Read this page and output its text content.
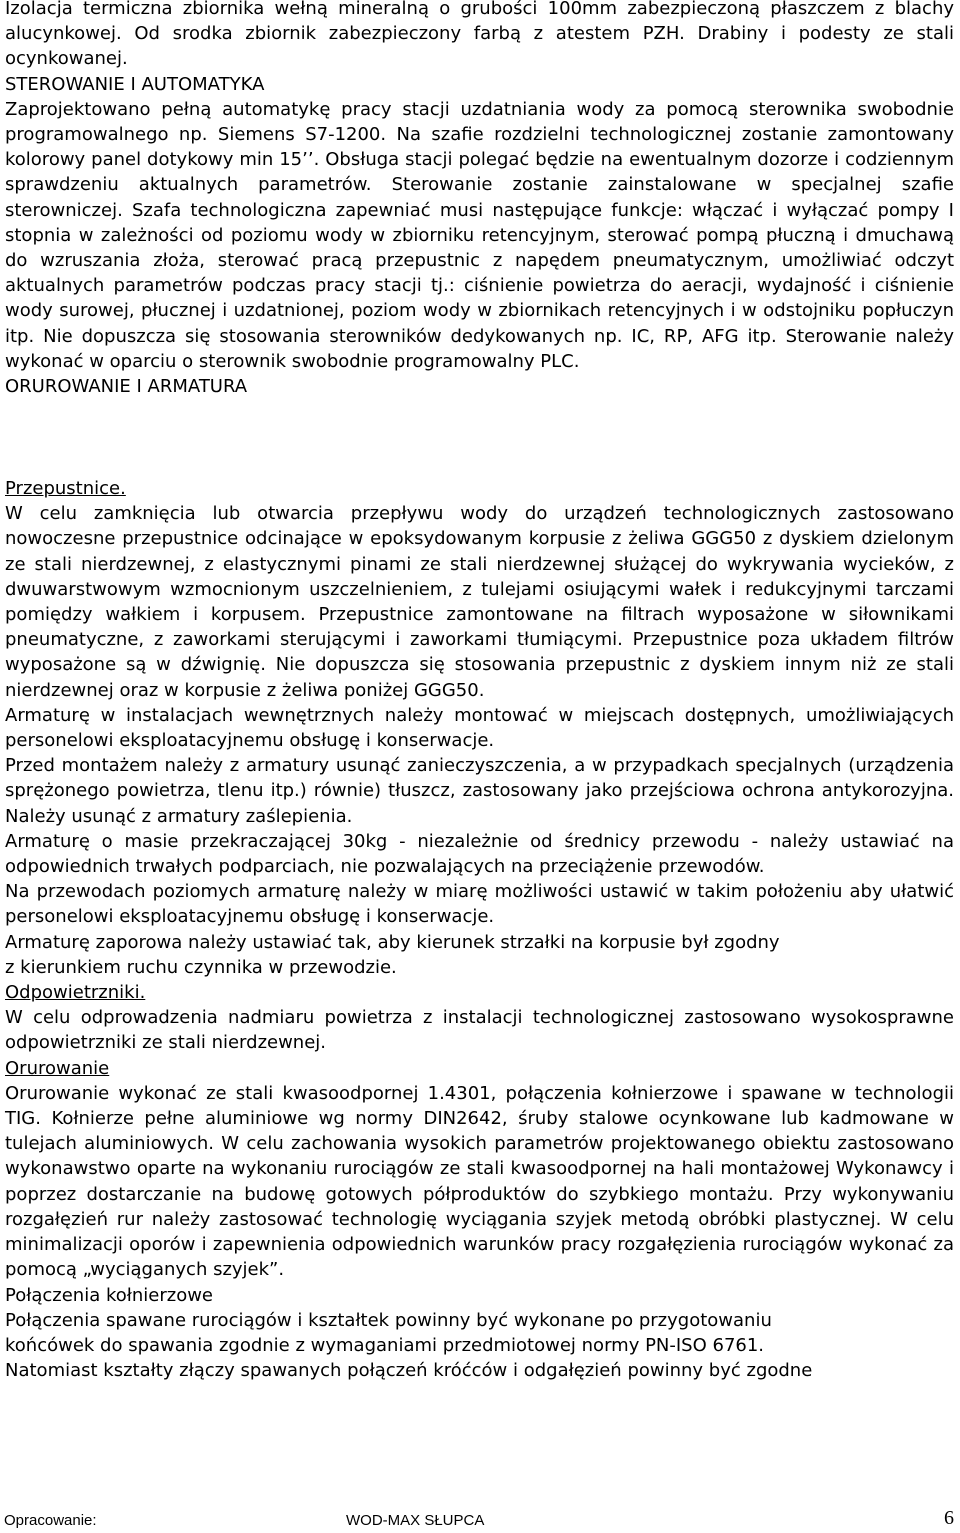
Izolacja termiczna zbiornika wełną mineralną o grubości 100mm zabezpieczoną płaszczem z blachy alucynkowej. Od srodka zbiornik zabezpieczony farbą z atestem PZH. Drabiny i podesty ze stali ocynkowanej.

STEROWANIE I AUTOMATYKA

Zaprojektowano pełną automatykę pracy stacji uzdatniania wody za pomocą sterownika swobodnie programowalnego np. Siemens S7-1200. Na szafie rozdzielni technologicznej zostanie zamontowany kolorowy panel dotykowy min 15’’. Obsługa stacji polegać będzie na ewentualnym dozorze i codziennym sprawdzeniu aktualnych parametrów. Sterowanie zostanie zainstalowane w specjalnej szafie sterowniczej. Szafa technologiczna zapewniać musi następujące funkcje: włączać i wyłączać pompy I stopnia w zależności od poziomu wody w zbiorniku retencyjnym, sterować pompą płuczną i dmuchawą do wzruszania złoża, sterować pracą przepustnic z napędem pneumatycznym, umożliwiać odczyt aktualnych parametrów podczas pracy stacji tj.: ciśnienie powietrza do aeracji, wydajność i ciśnienie wody surowej, płucznej i uzdatnionej, poziom wody w zbiornikach retencyjnych i w odstojniku popłuczyn itp. Nie dopuszcza się stosowania sterowników dedykowanych np. IC, RP, AFG itp. Sterowanie należy wykonać w oparciu o sterownik swobodnie programowalny PLC.

ORUROWANIE I ARMATURA

Przepustnice.

W celu zamknięcia lub otwarcia przepływu wody do urządzeń technologicznych zastosowano nowoczesne przepustnice odcinające w epoksydowanym korpusie z żeliwa GGG50 z dyskiem dzielonym ze stali nierdzewnej, z elastycznymi pinami ze stali nierdzewnej służącej do wykrywania wycieków, z dwuwarstwowym wzmocnionym uszczelnieniem, z tulejami osiującymi wałek i redukcyjnymi tarczami pomiędzy wałkiem i korpusem. Przepustnice zamontowane na filtrach wyposażone w siłownikami pneumatyczne, z zaworkami sterującymi i zaworkami tłumiącymi. Przepustnice poza układem filtrów wyposażone są w dźwignię. Nie dopuszcza się stosowania przepustnic z dyskiem innym niż ze stali nierdzewnej oraz w korpusie z żeliwa poniżej GGG50.

Armaturę w instalacjach wewnętrznych należy montować w miejscach dostępnych, umożliwiających personelowi eksploatacyjnemu obsługę i konserwacje.

Przed montażem należy z armatury usunąć zanieczyszczenia, a w przypadkach specjalnych (urządzenia sprężonego powietrza, tlenu itp.) równie) tłuszcz, zastosowany jako przejściowa ochrona antykorozyjna. Należy usunąć z armatury zaślepienia.

Armaturę o masie przekraczającej 30kg - niezależnie od średnicy przewodu - należy ustawiać na odpowiednich trwałych podparciach, nie pozwalających na przeciążenie przewodów.

Na przewodach poziomych armaturę należy w miarę możliwości ustawić w takim położeniu aby ułatwić personelowi eksploatacyjnemu obsługę i konserwacje.

Armaturę zaporowa należy ustawiać tak, aby kierunek strzałki na korpusie był zgodny

z kierunkiem ruchu czynnika w przewodzie.

Odpowietrzniki.

W celu odprowadzenia nadmiaru powietrza z instalacji technologicznej zastosowano wysokosprawne odpowietrzniki ze stali nierdzewnej.

Orurowanie

Orurowanie wykonać ze stali kwasoodpornej 1.4301, połączenia kołnierzowe i spawane w technologii TIG. Kołnierze pełne aluminiowe wg normy DIN2642, śruby stalowe ocynkowane lub kadmowane w tulejach aluminiowych. W celu zachowania wysokich parametrów projektowanego obiektu zastosowano wykonawstwo oparte na wykonaniu rurociągów ze stali kwasoodpornej na hali montażowej Wykonawcy i poprzez dostarczanie na budowę gotowych półproduktów do szybkiego montażu. Przy wykonywaniu rozgałęzień rur należy zastosować technologię wyciągania szyjek metodą obróbki plastycznej. W celu minimalizacji oporów i zapewnienia odpowiednich warunków pracy rozgałęzienia rurociągów wykonać za pomocą „wyciąganych szyjek”.

Połączenia kołnierzowe

Połączenia spawane rurociągów i kształtek powinny być wykonane po przygotowaniu

końcówek do spawania zgodnie z wymaganiami przedmiotowej normy PN-ISO 6761.

Natomiast kształty złączy spawanych połączeń króćców i odgałęzień powinny być zgodne

Opracowanie:	WOD-MAX SŁUPCA	6
